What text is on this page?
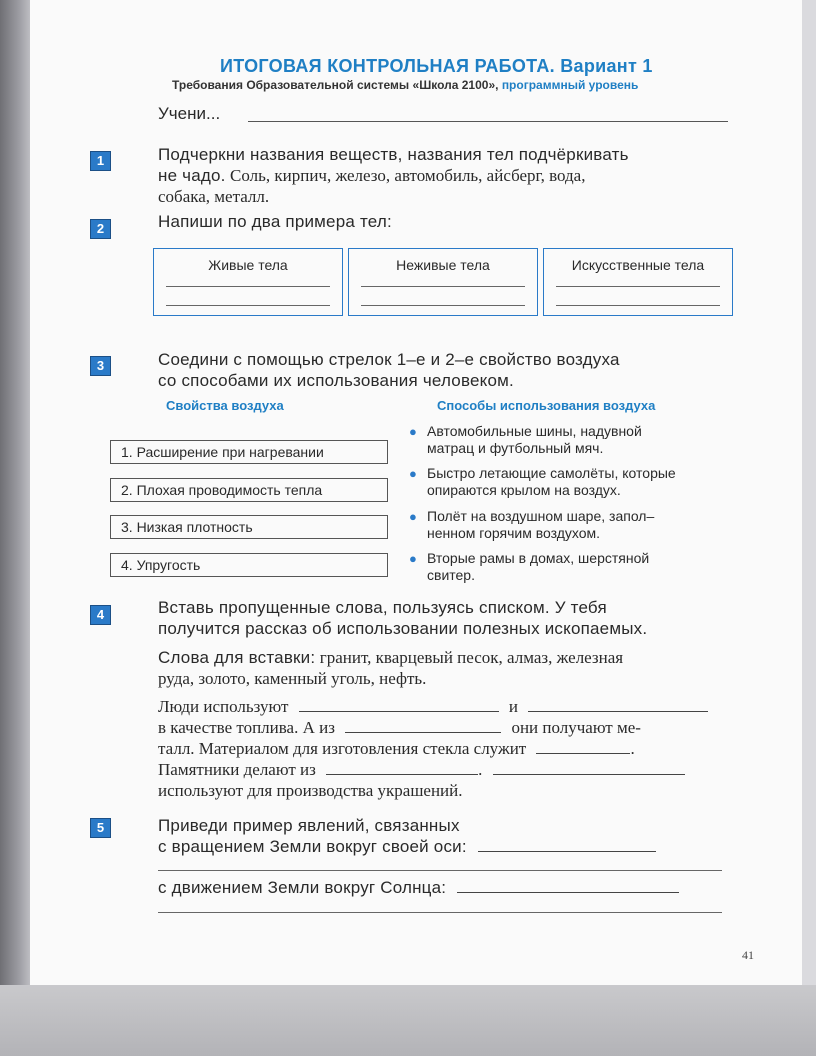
ИТОГОВАЯ КОНТРОЛЬНАЯ РАБОТА. Вариант 1
Требования Образовательной системы «Школа 2100», программный уровень
Учени...
1	Подчеркни названия веществ, названия тел подчёркивать
не чадо. Соль, кирпич, железо, автомобиль, айсберг, вода,
собака, металл.
2	Напиши по два примера тел:
Живые тела	Неживые тела	Искусственные тела
3	Соедини с помощью стрелок 1–е и 2–е свойство воздуха
со способами их использования человеком.
Свойства воздуха	Способы использования воздуха
1. Расширение при нагревании
2. Плохая проводимость тепла
3. Низкая плотность
4. Упругость
● Автомобильные шины, надувной
матрац и футбольный мяч.
● Быстро летающие самолёты, которые
опираются крылом на воздух.
● Полёт на воздушном шаре, запол–
ненном горячим воздухом.
● Вторые рамы в домах, шерстяной
свитер.
4	Вставь пропущенные слова, пользуясь списком. У тебя
получится рассказ об использовании полезных ископаемых.
Слова для вставки: гранит, кварцевый песок, алмаз, железная
руда, золото, каменный уголь, нефть.
Люди используют	и
в качестве топлива. А из	они получают ме-
талл. Материалом для изготовления стекла служит	.
Памятники делают из	.
используют для производства украшений.
5	Приведи пример явлений, связанных
с вращением Земли вокруг своей оси:
с движением Земли вокруг Солнца:
41
